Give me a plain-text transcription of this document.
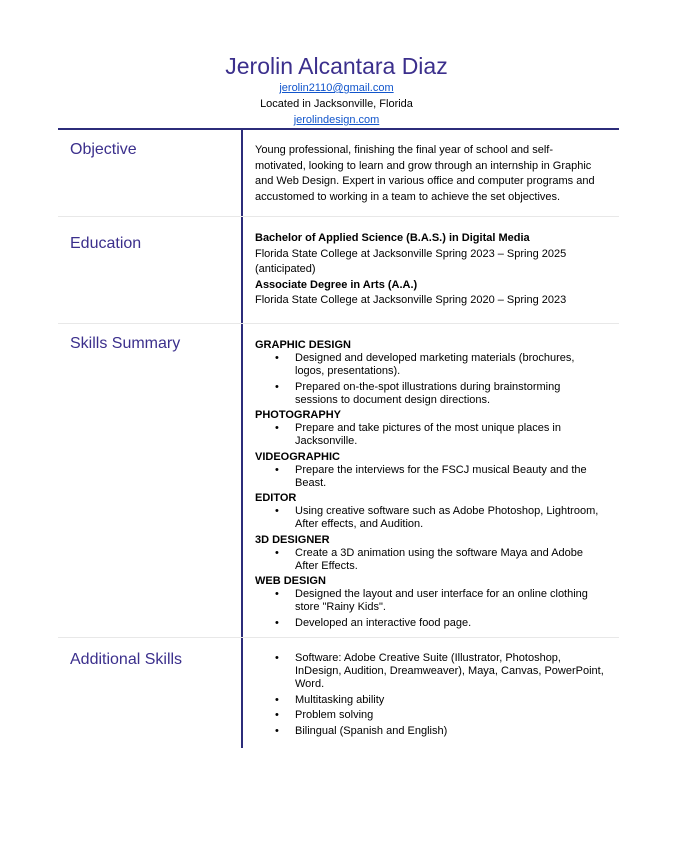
Jerolin Alcantara Diaz
jerolin2110@gmail.com
Located in Jacksonville, Florida
jerolindesign.com
Objective	Young professional, finishing the final year of school and self-motivated, looking to learn and grow through an internship in Graphic and Web Design. Expert in various office and computer programs and accustomed to working in a team to achieve the set objectives.
Education	Bachelor of Applied Science (B.A.S.) in Digital Media
Florida State College at Jacksonville Spring 2023 – Spring 2025 (anticipated)
Associate Degree in Arts (A.A.)
Florida State College at Jacksonville Spring 2020 – Spring 2023
Skills Summary	GRAPHIC DESIGN
• Designed and developed marketing materials (brochures, logos, presentations).
• Prepared on-the-spot illustrations during brainstorming sessions to document design directions.
PHOTOGRAPHY
• Prepare and take pictures of the most unique places in Jacksonville.
VIDEOGRAPHIC
• Prepare the interviews for the FSCJ musical Beauty and the Beast.
EDITOR
• Using creative software such as Adobe Photoshop, Lightroom, After effects, and Audition.
3D DESIGNER
• Create a 3D animation using the software Maya and Adobe After Effects.
WEB DESIGN
• Designed the layout and user interface for an online clothing store "Rainy Kids".
• Developed an interactive food page.
Additional Skills
•	Software: Adobe Creative Suite (Illustrator, Photoshop, InDesign, Audition, Dreamweaver), Maya, Canvas, PowerPoint, Word.
• Multitasking ability
• Problem solving
• Bilingual (Spanish and English)
